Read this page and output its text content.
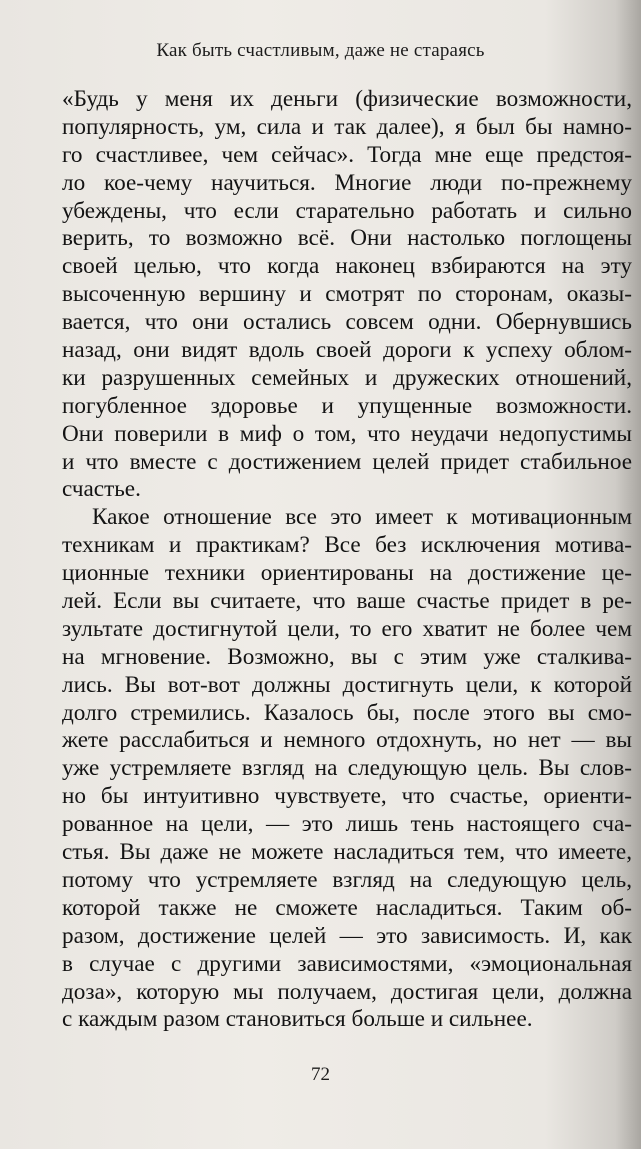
Как быть счастливым, даже не стараясь
«Будь у меня их деньги (физические возможности,
популярность, ум, сила и так далее), я был бы намно-
го счастливее, чем сейчас». Тогда мне еще предстоя-
ло кое-чему научиться. Многие люди по-прежнему
убеждены, что если старательно работать и сильно
верить, то возможно всё. Они настолько поглощены
своей целью, что когда наконец взбираются на эту
высоченную вершину и смотрят по сторонам, оказы-
вается, что они остались совсем одни. Обернувшись
назад, они видят вдоль своей дороги к успеху облом-
ки разрушенных семейных и дружеских отношений,
погубленное здоровье и упущенные возможности.
Они поверили в миф о том, что неудачи недопустимы
и что вместе с достижением целей придет стабильное
счастье.
Какое отношение все это имеет к мотивационным
техникам и практикам? Все без исключения мотива-
ционные техники ориентированы на достижение це-
лей. Если вы считаете, что ваше счастье придет в ре-
зультате достигнутой цели, то его хватит не более чем
на мгновение. Возможно, вы с этим уже сталкива-
лись. Вы вот-вот должны достигнуть цели, к которой
долго стремились. Казалось бы, после этого вы смо-
жете расслабиться и немного отдохнуть, но нет — вы
уже устремляете взгляд на следующую цель. Вы слов-
но бы интуитивно чувствуете, что счастье, ориенти-
рованное на цели, — это лишь тень настоящего сча-
стья. Вы даже не можете насладиться тем, что имеете,
потому что устремляете взгляд на следующую цель,
которой также не сможете насладиться. Таким об-
разом, достижение целей — это зависимость. И, как
в случае с другими зависимостями, «эмоциональная
доза», которую мы получаем, достигая цели, должна
с каждым разом становиться больше и сильнее.
72
